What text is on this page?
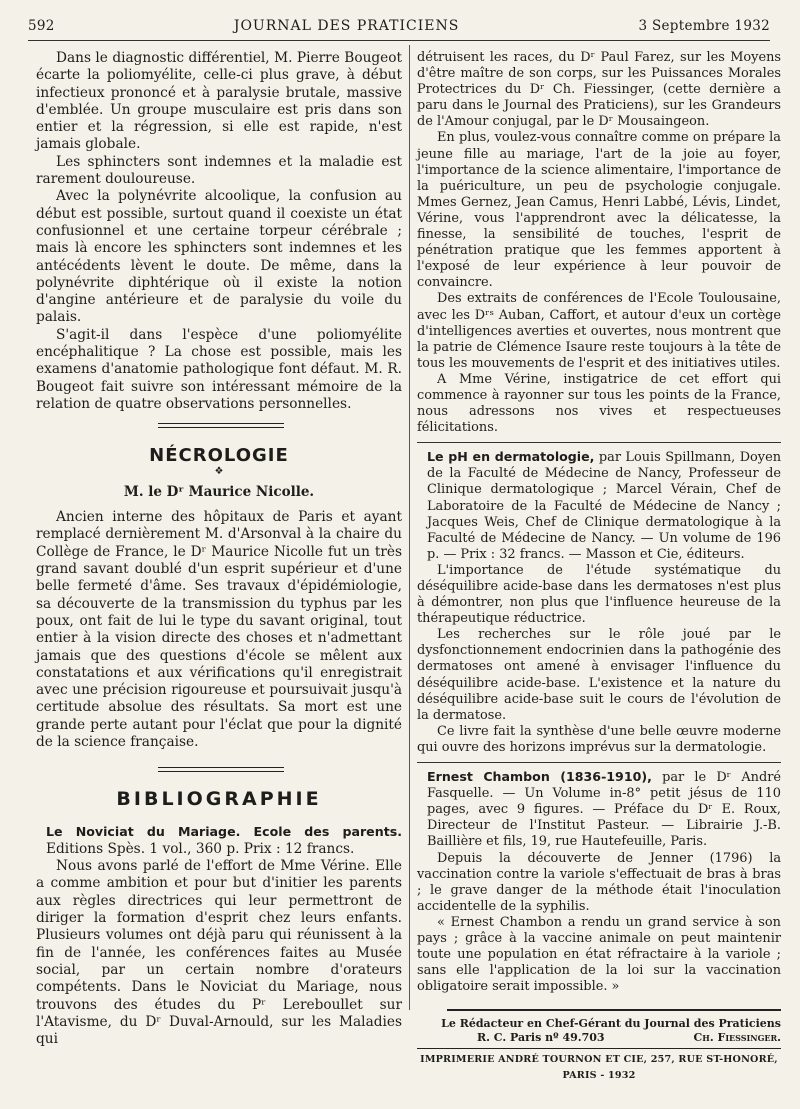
592	JOURNAL DES PRATICIENS	3 Septembre 1932

Dans le diagnostic différentiel, M. Pierre Bougeot écarte la poliomyélite, celle-ci plus grave, à début infectieux prononcé et à paralysie brutale, massive d'emblée. Un groupe musculaire est pris dans son entier et la régression, si elle est rapide, n'est jamais globale.

Les sphincters sont indemnes et la maladie est rarement douloureuse.

Avec la polynévrite alcoolique, la confusion au début est possible, surtout quand il coexiste un état confusionnel et une certaine torpeur cérébrale ; mais là encore les sphincters sont indemnes et les antécédents lèvent le doute. De même, dans la polynévrite diphtérique où il existe la notion d'angine antérieure et de paralysie du voile du palais.

S'agit-il dans l'espèce d'une poliomyélite encéphalitique ? La chose est possible, mais les examens d'anatomie pathologique font défaut. M. R. Bougeot fait suivre son intéressant mémoire de la relation de quatre observations personnelles.

NÉCROLOGIE
❖
M. le Dʳ Maurice Nicolle.

Ancien interne des hôpitaux de Paris et ayant remplacé dernièrement M. d'Arsonval à la chaire du Collège de France, le Dʳ Maurice Nicolle fut un très grand savant doublé d'un esprit supérieur et d'une belle fermeté d'âme. Ses travaux d'épidémiologie, sa découverte de la transmission du typhus par les poux, ont fait de lui le type du savant original, tout entier à la vision directe des choses et n'admettant jamais que des questions d'école se mêlent aux constatations et aux vérifications qu'il enregistrait avec une précision rigoureuse et poursuivait jusqu'à certitude absolue des résultats. Sa mort est une grande perte autant pour l'éclat que pour la dignité de la science française.

BIBLIOGRAPHIE

Le Noviciat du Mariage. Ecole des parents. Editions Spès. 1 vol., 360 p. Prix : 12 francs.

Nous avons parlé de l'effort de Mme Vérine. Elle a comme ambition et pour but d'initier les parents aux règles directrices qui leur permettront de diriger la formation d'esprit chez leurs enfants. Plusieurs volumes ont déjà paru qui réunissent à la fin de l'année, les conférences faites au Musée social, par un certain nombre d'orateurs compétents. Dans le Noviciat du Mariage, nous trouvons des études du Pʳ Lereboullet sur l'Atavisme, du Dʳ Duval-Arnould, sur les Maladies qui

détruisent les races, du Dʳ Paul Farez, sur les Moyens d'être maître de son corps, sur les Puissances Morales Protectrices du Dʳ Ch. Fiessinger, (cette dernière a paru dans le Journal des Praticiens), sur les Grandeurs de l'Amour conjugal, par le Dʳ Mousaingeon.

En plus, voulez-vous connaître comme on prépare la jeune fille au mariage, l'art de la joie au foyer, l'importance de la science alimentaire, l'importance de la puériculture, un peu de psychologie conjugale. Mmes Gernez, Jean Camus, Henri Labbé, Lévis, Lindet, Vérine, vous l'apprendront avec la délicatesse, la finesse, la sensibilité de touches, l'esprit de pénétration pratique que les femmes apportent à l'exposé de leur expérience à leur pouvoir de convaincre.

Des extraits de conférences de l'Ecole Toulousaine, avec les Dʳˢ Auban, Caffort, et autour d'eux un cortège d'intelligences averties et ouvertes, nous montrent que la patrie de Clémence Isaure reste toujours à la tête de tous les mouvements de l'esprit et des initiatives utiles.

A Mme Vérine, instigatrice de cet effort qui commence à rayonner sur tous les points de la France, nous adressons nos vives et respectueuses félicitations.

Le pH en dermatologie, par Louis Spillmann, Doyen de la Faculté de Médecine de Nancy, Professeur de Clinique dermatologique ; Marcel Vérain, Chef de Laboratoire de la Faculté de Médecine de Nancy ; Jacques Weis, Chef de Clinique dermatologique à la Faculté de Médecine de Nancy. — Un volume de 196 p. — Prix : 32 francs. — Masson et Cie, éditeurs.

L'importance de l'étude systématique du déséquilibre acide-base dans les dermatoses n'est plus à démontrer, non plus que l'influence heureuse de la thérapeutique réductrice.

Les recherches sur le rôle joué par le dysfonctionnement endocrinien dans la pathogénie des dermatoses ont amené à envisager l'influence du déséquilibre acide-base. L'existence et la nature du déséquilibre acide-base suit le cours de l'évolution de la dermatose.

Ce livre fait la synthèse d'une belle œuvre moderne qui ouvre des horizons imprévus sur la dermatologie.

Ernest Chambon (1836-1910), par le Dʳ André Fasquelle. — Un Volume in-8° petit jésus de 110 pages, avec 9 figures. — Préface du Dʳ E. Roux, Directeur de l'Institut Pasteur. — Librairie J.-B. Baillière et fils, 19, rue Hautefeuille, Paris.

Depuis la découverte de Jenner (1796) la vaccination contre la variole s'effectuait de bras à bras ; le grave danger de la méthode était l'inoculation accidentelle de la syphilis.

« Ernest Chambon a rendu un grand service à son pays ; grâce à la vaccine animale on peut maintenir toute une population en état réfractaire à la variole ; sans elle l'application de la loi sur la vaccination obligatoire serait impossible. »

Le Rédacteur en Chef-Gérant du Journal des Praticiens
R. C. Paris nº 49.703	Ch. Fiessinger.
IMPRIMERIE ANDRÉ TOURNON ET CIE, 257, RUE ST-HONORÉ, PARIS - 1932
